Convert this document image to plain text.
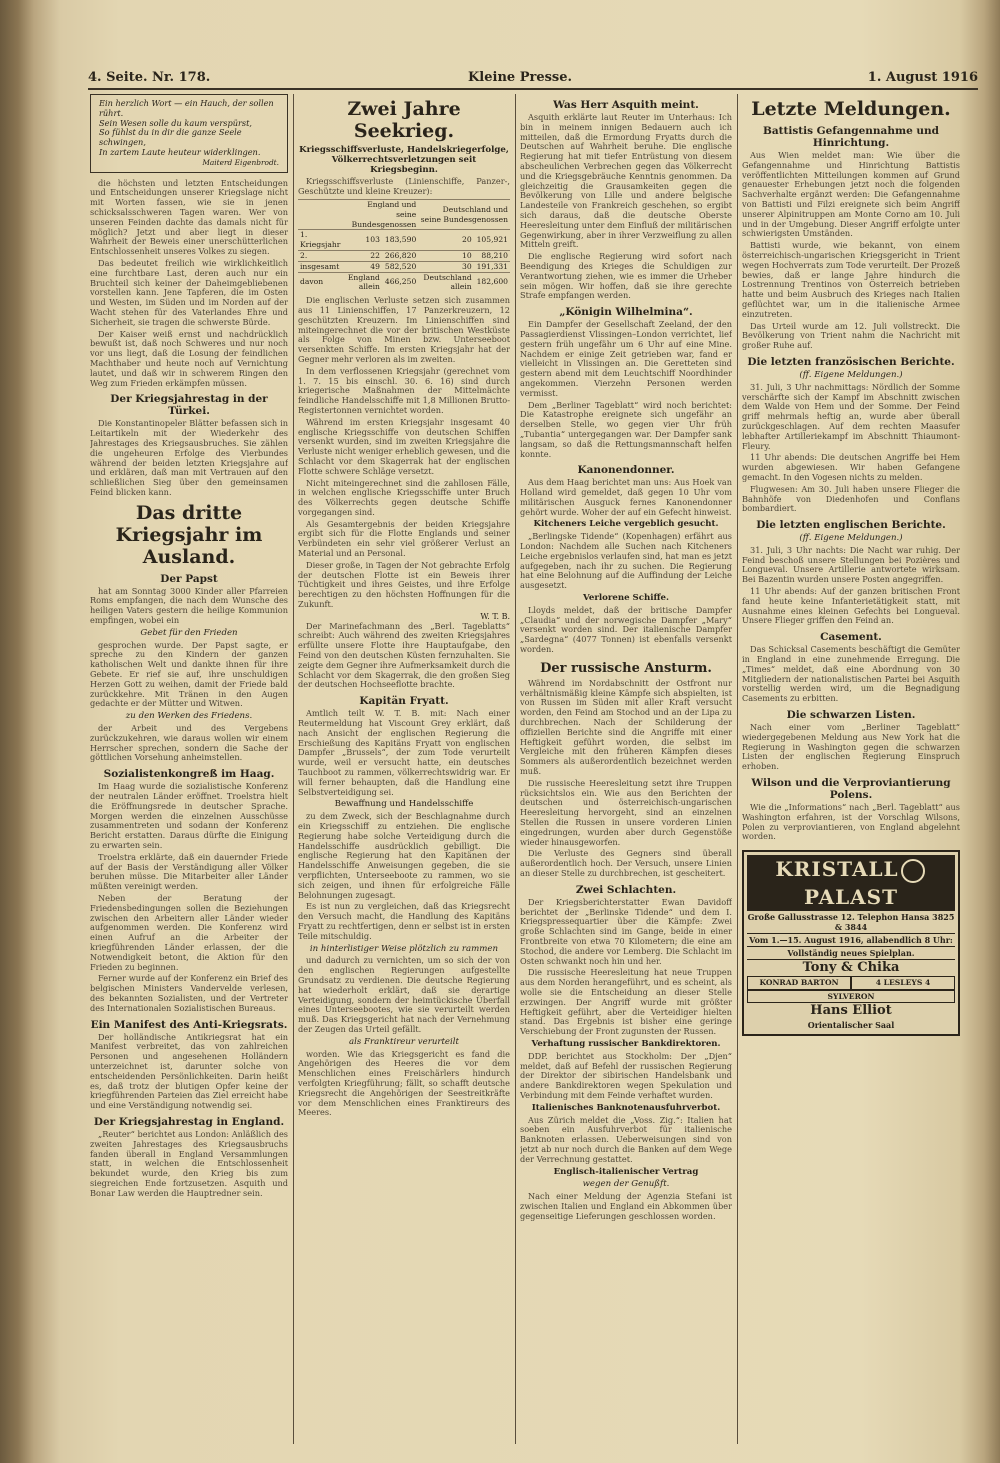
4. Seite. Nr. 178.	Kleine Presse.	1. August 1916
Ein herzlich Wort — ein Hauch, der sollen rührt.
Sein Wesen solle du kaum verspürst,
So fühlst du in dir die ganze Seele schwingen,
In zartem Laute heuteur widerklingen.
Maiterd Eigenbrodt.

die höchsten und letzten Entscheidungen und Entscheidungen unserer Kriegslage nicht mit Worten fassen, wie sie in jenen schicksalsschweren Tagen waren. Wer von unseren Feinden dachte das damals nicht für möglich? Jetzt und aber liegt in dieser Wahrheit der Beweis einer unerschütterlichen Entschlossenheit unseres Volkes zu siegen.

Das bedeutet freilich wie wirklichkeitlich eine furchtbare Last, deren auch nur ein Bruchteil sich keiner der Daheimgebliebenen vorstellen kann. Jene Tapferen, die im Osten und Westen, im Süden und im Norden auf der Wacht stehen für des Vaterlandes Ehre und Sicherheit, sie tragen die schwerste Bürde.

Der Kaiser weiß ernst und nachdrücklich bewußt ist, daß noch Schweres und nur noch vor uns liegt, daß die Losung der feindlichen Machthaber und heute noch auf Vernichtung lautet, und daß wir in schwerem Ringen den Weg zum Frieden erkämpfen müssen.

Der Kriegsjahrestag in der Türkei.

Die Konstantinopeler Blätter befassen sich in Leitartikeln mit der Wiederkehr des Jahrestages des Kriegsausbruches. Sie zählen die ungeheuren Erfolge des Vierbundes während der beiden letzten Kriegsjahre auf und erklären, daß man mit Vertrauen auf den schließlichen Sieg über den gemeinsamen Feind blicken kann.

Das dritte Kriegsjahr im Ausland.
Der Papst

hat am Sonntag 3000 Kinder aller Pfarreien Roms empfangen, die nach dem Wunsche des heiligen Vaters gestern die heilige Kommunion empfingen, wobei ein

Gebet für den Frieden

gesprochen wurde. Der Papst sagte, er spreche zu den Kindern der ganzen katholischen Welt und dankte ihnen für ihre Gebete. Er rief sie auf, ihre unschuldigen Herzen Gott zu weihen, damit der Friede bald zurückkehre. Mit Tränen in den Augen gedachte er der Mütter und Witwen.

zu den Werken des Friedens.

der Arbeit und des Vergebens zurückzukehren, wie daraus wollen wir einem Herrscher sprechen, sondern die Sache der göttlichen Vorsehung anheimstellen.

Sozialistenkongreß im Haag.

Im Haag wurde die sozialistische Konferenz der neutralen Länder eröffnet. Troelstra hielt die Eröffnungsrede in deutscher Sprache. Morgen werden die einzelnen Ausschüsse zusammentreten und sodann der Konferenz Bericht erstatten. Daraus dürfte die Einigung zu erwarten sein.

Troelstra erklärte, daß ein dauernder Friede auf der Basis der Verständigung aller Völker beruhen müsse. Die Mitarbeiter aller Länder müßten vereinigt werden.

Neben der Beratung der Friedensbedingungen sollen die Beziehungen zwischen den Arbeitern aller Länder wieder aufgenommen werden. Die Konferenz wird einen Aufruf an die Arbeiter der kriegführenden Länder erlassen, der die Notwendigkeit betont, die Aktion für den Frieden zu beginnen.

Ferner wurde auf der Konferenz ein Brief des belgischen Ministers Vandervelde verlesen, des bekannten Sozialisten, und der Vertreter des Internationalen Sozialistischen Bureaus.

Ein Manifest des Anti-Kriegsrats.

Der holländische Antikriegsrat hat ein Manifest verbreitet, das von zahlreichen Personen und angesehenen Holländern unterzeichnet ist, darunter solche von entscheidenden Persönlichkeiten. Darin heißt es, daß trotz der blutigen Opfer keine der kriegführenden Parteien das Ziel erreicht habe und eine Verständigung notwendig sei.

Der Kriegsjahrestag in England.

„Reuter“ berichtet aus London: Anläßlich des zweiten Jahrestages des Kriegsausbruchs fanden überall in England Versammlungen statt, in welchen die Entschlossenheit bekundet wurde, den Krieg bis zum siegreichen Ende fortzusetzen. Asquith und Bonar Law werden die Hauptredner sein.

Zwei Jahre Seekrieg.
Kriegsschiffsverluste, Handelskriegerfolge, Völkerrechtsverletzungen seit Kriegsbeginn.

Kriegsschiffsverluste (Linienschiffe, Panzer-, Geschützte und kleine Kreuzer):

	England und seine Bundesgenossen		Deutschland und seine Bundesgenossen	
1. Kriegsjahr	103	183,590	20	105,921
2.	22	266,820	10	88,210
insgesamt	49	582,520	30	191,331
davon	England allein	466,250	Deutschland allein	182,600

Die englischen Verluste setzen sich zusammen aus 11 Linienschiffen, 17 Panzerkreuzern, 12 geschützten Kreuzern. Im Linienschiffen sind miteingerechnet die vor der britischen Westküste als Folge von Minen bzw. Unterseeboot versenkten Schiffe. Im ersten Kriegsjahr hat der Gegner mehr verloren als im zweiten.

In dem verflossenen Kriegsjahr (gerechnet vom 1. 7. 15 bis einschl. 30. 6. 16) sind durch kriegerische Maßnahmen der Mittelmächte feindliche Handelsschiffe mit 1,8 Millionen Brutto-Registertonnen vernichtet worden.

Während im ersten Kriegsjahr insgesamt 40 englische Kriegsschiffe von deutschen Schiffen versenkt wurden, sind im zweiten Kriegsjahre die Verluste nicht weniger erheblich gewesen, und die Schlacht vor dem Skagerrak hat der englischen Flotte schwere Schläge versetzt.

Nicht miteingerechnet sind die zahllosen Fälle, in welchen englische Kriegsschiffe unter Bruch des Völkerrechts gegen deutsche Schiffe vorgegangen sind.

Als Gesamtergebnis der beiden Kriegsjahre ergibt sich für die Flotte Englands und seiner Verbündeten ein sehr viel größerer Verlust an Material und an Personal.

Dieser große, in Tagen der Not gebrachte Erfolg der deutschen Flotte ist ein Beweis ihrer Tüchtigkeit und ihres Geistes, und ihre Erfolge berechtigen zu den höchsten Hoffnungen für die Zukunft.

W. T. B.

Der Marinefachmann des „Berl. Tageblatts“ schreibt: Auch während des zweiten Kriegsjahres erfüllte unsere Flotte ihre Hauptaufgabe, den Feind von den deutschen Küsten fernzuhalten. Sie zeigte dem Gegner ihre Aufmerksamkeit durch die Schlacht vor dem Skagerrak, die den großen Sieg der deutschen Hochseeflotte brachte.

Kapitän Fryatt.

Amtlich teilt W. T. B. mit: Nach einer Reutermeldung hat Viscount Grey erklärt, daß nach Ansicht der englischen Regierung die Erschießung des Kapitäns Fryatt von englischen Dampfer „Brussels“, der zum Tode verurteilt wurde, weil er versucht hatte, ein deutsches Tauchboot zu rammen, völkerrechtswidrig war. Er will ferner behaupten, daß die Handlung eine Selbstverteidigung sei.

Bewaffnung und Handelsschiffe

zu dem Zweck, sich der Beschlagnahme durch ein Kriegsschiff zu entziehen. Die englische Regierung habe solche Verteidigung durch die Handelsschiffe ausdrücklich gebilligt. Die englische Regierung hat den Kapitänen der Handelsschiffe Anweisungen gegeben, die sie verpflichten, Unterseeboote zu rammen, wo sie sich zeigen, und ihnen für erfolgreiche Fälle Belohnungen zugesagt.

Es ist nun zu vergleichen, daß das Kriegsrecht den Versuch macht, die Handlung des Kapitäns Fryatt zu rechtfertigen, denn er selbst ist in ersten Teile mitschuldig.

in hinterlistiger Weise plötzlich zu rammen

und dadurch zu vernichten, um so sich der von den englischen Regierungen aufgestellte Grundsatz zu verdienen. Die deutsche Regierung hat wiederholt erklärt, daß sie derartige Verteidigung, sondern der heimtückische Überfall eines Unterseebootes, wie sie verurteilt werden muß. Das Kriegsgericht hat nach der Vernehmung der Zeugen das Urteil gefällt.

als Franktireur verurteilt

worden. Wie das Kriegsgericht es fand die Angehörigen des Heeres die vor dem Menschlichen eines Freischärlers hindurch verfolgten Kriegführung; fällt, so schafft deutsche Kriegsrecht die Angehörigen der Seestreitkräfte vor dem Menschlichen eines Franktireurs des Meeres.

Was Herr Asquith meint.

Asquith erklärte laut Reuter im Unterhaus: Ich bin in meinem innigen Bedauern auch ich mitteilen, daß die Ermordung Fryatts durch die Deutschen auf Wahrheit beruhe. Die englische Regierung hat mit tiefer Entrüstung von diesem abscheulichen Verbrechen gegen das Völkerrecht und die Kriegsgebräuche Kenntnis genommen. Da gleichzeitig die Grausamkeiten gegen die Bevölkerung von Lille und andere belgische Landesteile von Frankreich geschehen, so ergibt sich daraus, daß die deutsche Oberste Heeresleitung unter dem Einfluß der militärischen Gegenwirkung, aber in ihrer Verzweiflung zu allen Mitteln greift.

Die englische Regierung wird sofort nach Beendigung des Krieges die Schuldigen zur Verantwortung ziehen, wie es immer die Urheber sein mögen. Wir hoffen, daß sie ihre gerechte Strafe empfangen werden.

„Königin Wilhelmina“.

Ein Dampfer der Gesellschaft Zeeland, der den Passagierdienst Vlissingen–London verrichtet, lief gestern früh ungefähr um 6 Uhr auf eine Mine. Nachdem er einige Zeit getrieben war, fand er vielleicht in Vlissingen an. Die Geretteten sind gestern abend mit dem Leuchtschiff Noordhinder angekommen. Vierzehn Personen werden vermisst.

Dem „Berliner Tageblatt“ wird noch berichtet: Die Katastrophe ereignete sich ungefähr an derselben Stelle, wo gegen vier Uhr früh „Tubantia“ untergegangen war. Der Dampfer sank langsam, so daß die Rettungsmannschaft helfen konnte.

Kanonendonner.

Aus dem Haag berichtet man uns: Aus Hoek van Holland wird gemeldet, daß gegen 10 Uhr vom militärischen Ausguck fernes Kanonendonner gehört wurde. Woher der auf ein Gefecht hinweist.

Kitcheners Leiche vergeblich gesucht.

„Berlingske Tidende“ (Kopenhagen) erfährt aus London: Nachdem alle Suchen nach Kitcheners Leiche ergebnislos verlaufen sind, hat man es jetzt aufgegeben, nach ihr zu suchen. Die Regierung hat eine Belohnung auf die Auffindung der Leiche ausgesetzt.

Verlorene Schiffe.

Lloyds meldet, daß der britische Dampfer „Claudia“ und der norwegische Dampfer „Mary“ versenkt worden sind. Der italienische Dampfer „Sardegna“ (4077 Tonnen) ist ebenfalls versenkt worden.

Der russische Ansturm.

Während im Nordabschnitt der Ostfront nur verhältnismäßig kleine Kämpfe sich abspielten, ist von Russen im Süden mit aller Kraft versucht worden, den Feind am Stochod und an der Lipa zu durchbrechen. Nach der Schilderung der offiziellen Berichte sind die Angriffe mit einer Heftigkeit geführt worden, die selbst im Vergleiche mit den früheren Kämpfen dieses Sommers als außerordentlich bezeichnet werden muß.

Die russische Heeresleitung setzt ihre Truppen rücksichtslos ein. Wie aus den Berichten der deutschen und österreichisch-ungarischen Heeresleitung hervorgeht, sind an einzelnen Stellen die Russen in unsere vorderen Linien eingedrungen, wurden aber durch Gegenstöße wieder hinausgeworfen.

Die Verluste des Gegners sind überall außerordentlich hoch. Der Versuch, unsere Linien an dieser Stelle zu durchbrechen, ist gescheitert.

Zwei Schlachten.

Der Kriegsberichterstatter Ewan Davidoff berichtet der „Berlinske Tidende“ und dem I. Kriegspressequartier über die Kämpfe: Zwei große Schlachten sind im Gange, beide in einer Frontbreite von etwa 70 Kilometern; die eine am Stochod, die andere vor Lemberg. Die Schlacht im Osten schwankt noch hin und her.

Die russische Heeresleitung hat neue Truppen aus dem Norden herangeführt, und es scheint, als wolle sie die Entscheidung an dieser Stelle erzwingen. Der Angriff wurde mit größter Heftigkeit geführt, aber die Verteidiger hielten stand. Das Ergebnis ist bisher eine geringe Verschiebung der Front zugunsten der Russen.

Verhaftung russischer Bankdirektoren.

DDP. berichtet aus Stockholm: Der „Djen“ meldet, daß auf Befehl der russischen Regierung der Direktor der sibirischen Handelsbank und andere Bankdirektoren wegen Spekulation und Verbindung mit dem Feinde verhaftet wurden.

Italienisches Banknotenausfuhrverbot.

Aus Zürich meldet die „Voss. Zig.“: Italien hat soeben ein Ausfuhrverbot für italienische Banknoten erlassen. Ueberweisungen sind von jetzt ab nur noch durch die Banken auf dem Wege der Verrechnung gestattet.

Englisch-italienischer Vertrag
wegen der Genußft.

Nach einer Meldung der Agenzia Stefani ist zwischen Italien und England ein Abkommen über gegenseitige Lieferungen geschlossen worden.

Letzte Meldungen.
Battistis Gefangennahme und Hinrichtung.

Aus Wien meldet man: Wie über die Gefangennahme und Hinrichtung Battistis veröffentlichten Mitteilungen kommen auf Grund genauester Erhebungen jetzt noch die folgenden Sachverhalte ergänzt werden: Die Gefangennahme von Battisti und Filzi ereignete sich beim Angriff unserer Alpinitruppen am Monte Corno am 10. Juli und in der Umgebung. Dieser Angriff erfolgte unter schwierigsten Umständen.

Battisti wurde, wie bekannt, von einem österreichisch-ungarischen Kriegsgericht in Trient wegen Hochverrats zum Tode verurteilt. Der Prozeß bewies, daß er lange Jahre hindurch die Lostrennung Trentinos von Österreich betrieben hatte und beim Ausbruch des Krieges nach Italien geflüchtet war, um in die italienische Armee einzutreten.

Das Urteil wurde am 12. Juli vollstreckt. Die Bevölkerung von Trient nahm die Nachricht mit großer Ruhe auf.

Die letzten französischen Berichte.
(ff. Eigene Meldungen.)

31. Juli, 3 Uhr nachmittags: Nördlich der Somme verschärfte sich der Kampf im Abschnitt zwischen dem Walde von Hem und der Somme. Der Feind griff mehrmals heftig an, wurde aber überall zurückgeschlagen. Auf dem rechten Maasufer lebhafter Artilleriekampf im Abschnitt Thiaumont-Fleury.

11 Uhr abends: Die deutschen Angriffe bei Hem wurden abgewiesen. Wir haben Gefangene gemacht. In den Vogesen nichts zu melden.

Flugwesen: Am 30. Juli haben unsere Flieger die Bahnhöfe von Diedenhofen und Conflans bombardiert.

Die letzten englischen Berichte.
(ff. Eigene Meldungen.)

31. Juli, 3 Uhr nachts: Die Nacht war ruhig. Der Feind beschoß unsere Stellungen bei Pozières und Longueval. Unsere Artillerie antwortete wirksam. Bei Bazentin wurden unsere Posten angegriffen.

11 Uhr abends: Auf der ganzen britischen Front fand heute keine Infanterietätigkeit statt, mit Ausnahme eines kleinen Gefechts bei Longueval. Unsere Flieger griffen den Feind an.

Casement.

Das Schicksal Casements beschäftigt die Gemüter in England in eine zunehmende Erregung. Die „Times“ meldet, daß eine Abordnung von 30 Mitgliedern der nationalistischen Partei bei Asquith vorstellig werden wird, um die Begnadigung Casements zu erbitten.

Die schwarzen Listen.

Nach einer vom „Berliner Tageblatt“ wiedergegebenen Meldung aus New York hat die Regierung in Washington gegen die schwarzen Listen der englischen Regierung Einspruch erhoben.

Wilson und die Verproviantierung Polens.

Wie die „Informations“ nach „Berl. Tageblatt“ aus Washington erfahren, ist der Vorschlag Wilsons, Polen zu verproviantieren, von England abgelehnt worden.

KRISTALLPALAST
Große Gallusstrasse 12. Telephon Hansa 3825 & 3844
Vom 1.—15. August 1916, allabendlich 8 Uhr:
Vollständig neues Spielplan.
Tony & Chika
KONRAD BARTON	4 LESLEYS 4
SYLVERON
Hans Elliot
Orientalischer Saal
